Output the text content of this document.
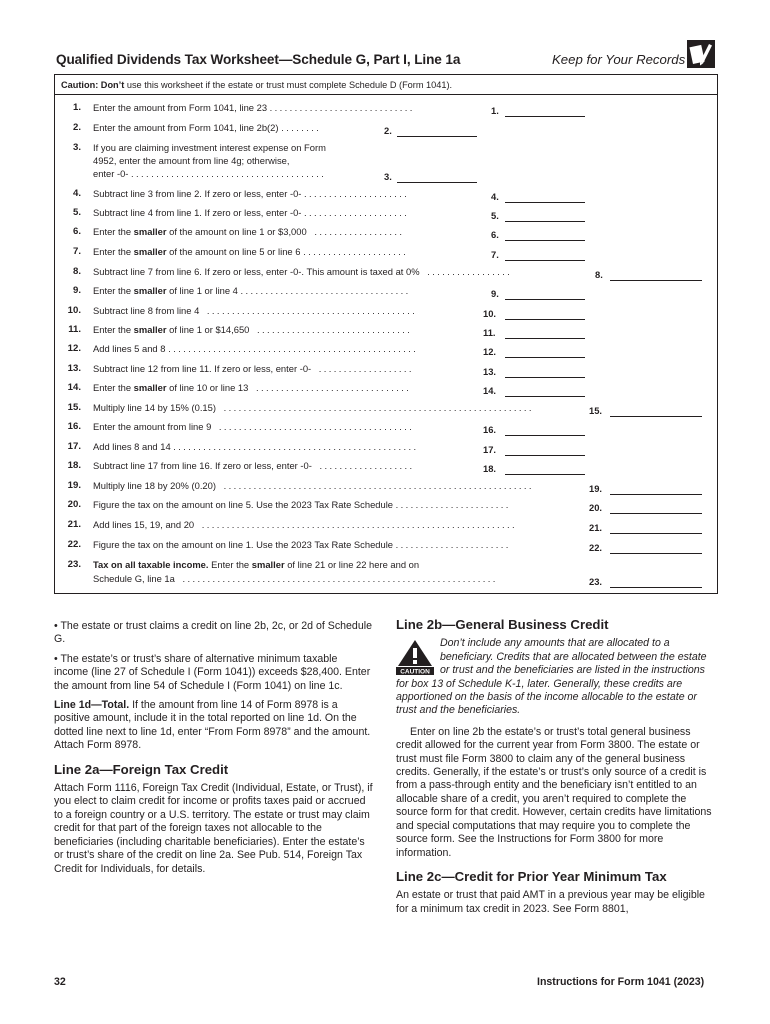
Qualified Dividends Tax Worksheet—Schedule G, Part I, Line 1a	Keep for Your Records
Caution: Don’t use this worksheet if the estate or trust must complete Schedule D (Form 1041).
1. Enter the amount from Form 1041, line 23 .............................	1.
2. Enter the amount from Form 1041, line 2b(2) ........	2.
3. If you are claiming investment interest expense on Form
4952, enter the amount from line 4g; otherwise,
enter -0- .......................................	3.
4. Subtract line 3 from line 2. If zero or less, enter -0- .....................	4.
5. Subtract line 4 from line 1. If zero or less, enter -0- .....................	5.
6. Enter the smaller of the amount on line 1 or $3,000  ..................	6.
7. Enter the smaller of the amount on line 5 or line 6 .....................	7.
8. Subtract line 7 from line 6. If zero or less, enter -0-. This amount is taxed at 0%  .................	8.
9. Enter the smaller of line 1 or line 4 ..................................	9.
10. Subtract line 8 from line 4  ..........................................	10.
11. Enter the smaller of line 1 or $14,650  ...............................	11.
12. Add lines 5 and 8 ..................................................	12.
13. Subtract line 12 from line 11. If zero or less, enter -0-  ...................	13.
14. Enter the smaller of line 10 or line 13  ...............................	14.
15. Multiply line 14 by 15% (0.15)  ..............................................................	15.
16. Enter the amount from line 9  .......................................	16.
17. Add lines 8 and 14 .................................................	17.
18. Subtract line 17 from line 16. If zero or less, enter -0-  ...................	18.
19. Multiply line 18 by 20% (0.20)  ..............................................................	19.
20. Figure the tax on the amount on line 5. Use the 2023 Tax Rate Schedule .......................	20.
21. Add lines 15, 19, and 20  ...............................................................	21.
22. Figure the tax on the amount on line 1. Use the 2023 Tax Rate Schedule .......................	22.
23. Tax on all taxable income. Enter the smaller of line 21 or line 22 here and on
Schedule G, line 1a  ...............................................................	23.

• The estate or trust claims a credit on line 2b, 2c, or 2d of Schedule G.

• The estate’s or trust’s share of alternative minimum taxable income (line 27 of Schedule I (Form 1041)) exceeds $28,400. Enter the amount from line 54 of Schedule I (Form 1041) on line 1c.

Line 1d—Total. If the amount from line 14 of Form 8978 is a positive amount, include it in the total reported on line 1d. On the dotted line next to line 1d, enter “From Form 8978” and the amount. Attach Form 8978.

Line 2a—Foreign Tax Credit

Attach Form 1116, Foreign Tax Credit (Individual, Estate, or Trust), if you elect to claim credit for income or profits taxes paid or accrued to a foreign country or a U.S. territory. The estate or trust may claim credit for that part of the foreign taxes not allocable to the beneficiaries (including charitable beneficiaries). Enter the estate’s or trust’s share of the credit on line 2a. See Pub. 514, Foreign Tax Credit for Individuals, for details.

Line 2b—General Business Credit
CAUTION
Don’t include any amounts that are allocated to a beneficiary. Credits that are allocated between the estate or trust and the beneficiaries are listed in the instructions for box 13 of Schedule K-1, later. Generally, these credits are apportioned on the basis of the income allocable to the estate or trust and the beneficiaries.

Enter on line 2b the estate’s or trust’s total general business credit allowed for the current year from Form 3800. The estate or trust must file Form 3800 to claim any of the general business credits. Generally, if the estate’s or trust’s only source of a credit is from a pass-through entity and the beneficiary isn’t entitled to an allocable share of a credit, you aren’t required to complete the source form for that credit. However, certain credits have limitations and special computations that may require you to complete the source form. See the Instructions for Form 3800 for more information.

Line 2c—Credit for Prior Year Minimum Tax

An estate or trust that paid AMT in a previous year may be eligible for a minimum tax credit in 2023. See Form 8801,

32	Instructions for Form 1041 (2023)
